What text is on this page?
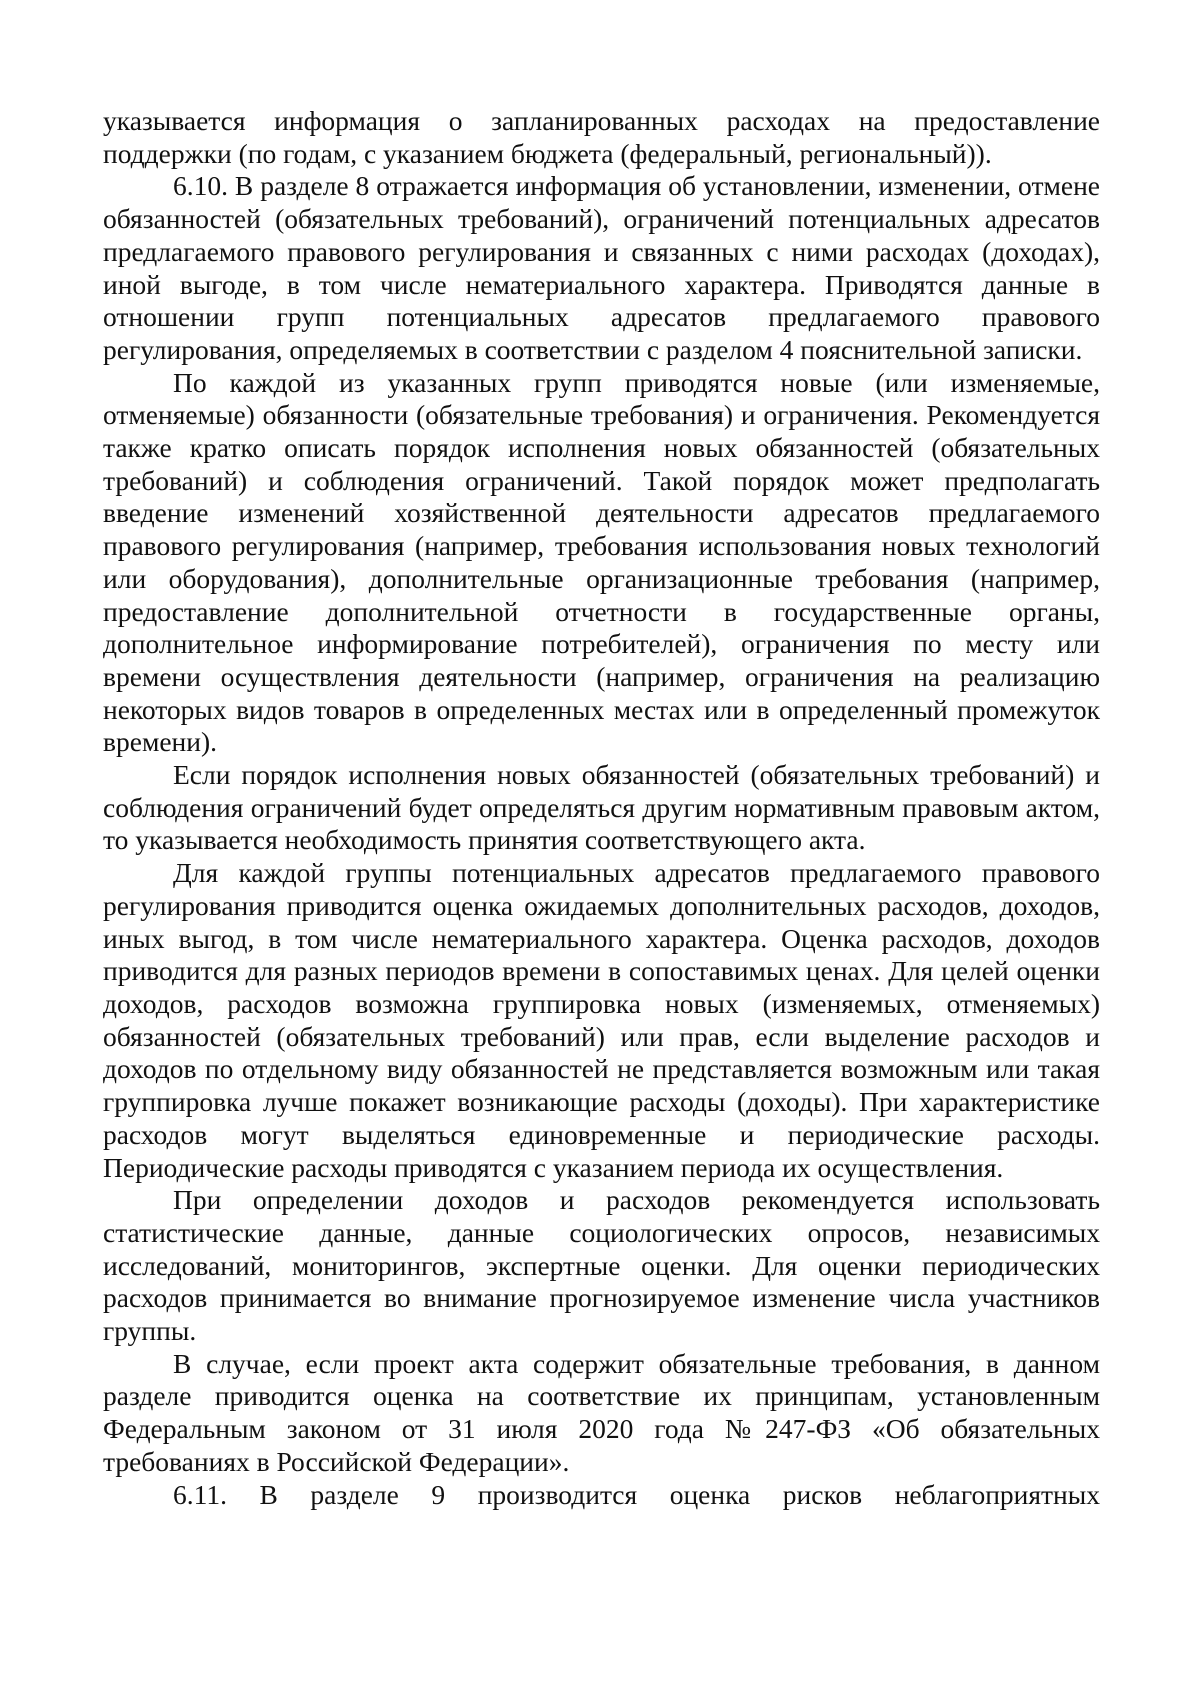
указывается информация о запланированных расходах на предоставление поддержки (по годам, с указанием бюджета (федеральный, региональный)).

6.10. В разделе 8 отражается информация об установлении, изменении, отмене обязанностей (обязательных требований), ограничений потенциальных адресатов предлагаемого правового регулирования и связанных с ними расходах (доходах), иной выгоде, в том числе нематериального характера. Приводятся данные в отношении групп потенциальных адресатов предлагаемого правового регулирования, определяемых в соответствии с разделом 4 пояснительной записки.

По каждой из указанных групп приводятся новые (или изменяемые, отменяемые) обязанности (обязательные требования) и ограничения. Рекомендуется также кратко описать порядок исполнения новых обязанностей (обязательных требований) и соблюдения ограничений. Такой порядок может предполагать введение изменений хозяйственной деятельности адресатов предлагаемого правового регулирования (например, требования использования новых технологий или оборудования), дополнительные организационные требования (например, предоставление дополнительной отчетности в государственные органы, дополнительное информирование потребителей), ограничения по месту или времени осуществления деятельности (например, ограничения на реализацию некоторых видов товаров в определенных местах или в определенный промежуток времени).

Если порядок исполнения новых обязанностей (обязательных требований) и соблюдения ограничений будет определяться другим нормативным правовым актом, то указывается необходимость принятия соответствующего акта.

Для каждой группы потенциальных адресатов предлагаемого правового регулирования приводится оценка ожидаемых дополнительных расходов, доходов, иных выгод, в том числе нематериального характера. Оценка расходов, доходов приводится для разных периодов времени в сопоставимых ценах. Для целей оценки доходов, расходов возможна группировка новых (изменяемых, отменяемых) обязанностей (обязательных требований) или прав, если выделение расходов и доходов по отдельному виду обязанностей не представляется возможным или такая группировка лучше покажет возникающие расходы (доходы). При характеристике расходов могут выделяться единовременные и периодические расходы. Периодические расходы приводятся с указанием периода их осуществления.

При определении доходов и расходов рекомендуется использовать статистические данные, данные социологических опросов, независимых исследований, мониторингов, экспертные оценки. Для оценки периодических расходов принимается во внимание прогнозируемое изменение числа участников группы.

В случае, если проект акта содержит обязательные требования, в данном разделе приводится оценка на соответствие их принципам, установленным Федеральным законом от 31 июля 2020 года №247-ФЗ «Об обязательных требованиях в Российской Федерации».

6.11. В разделе 9 производится оценка рисков неблагоприятных
